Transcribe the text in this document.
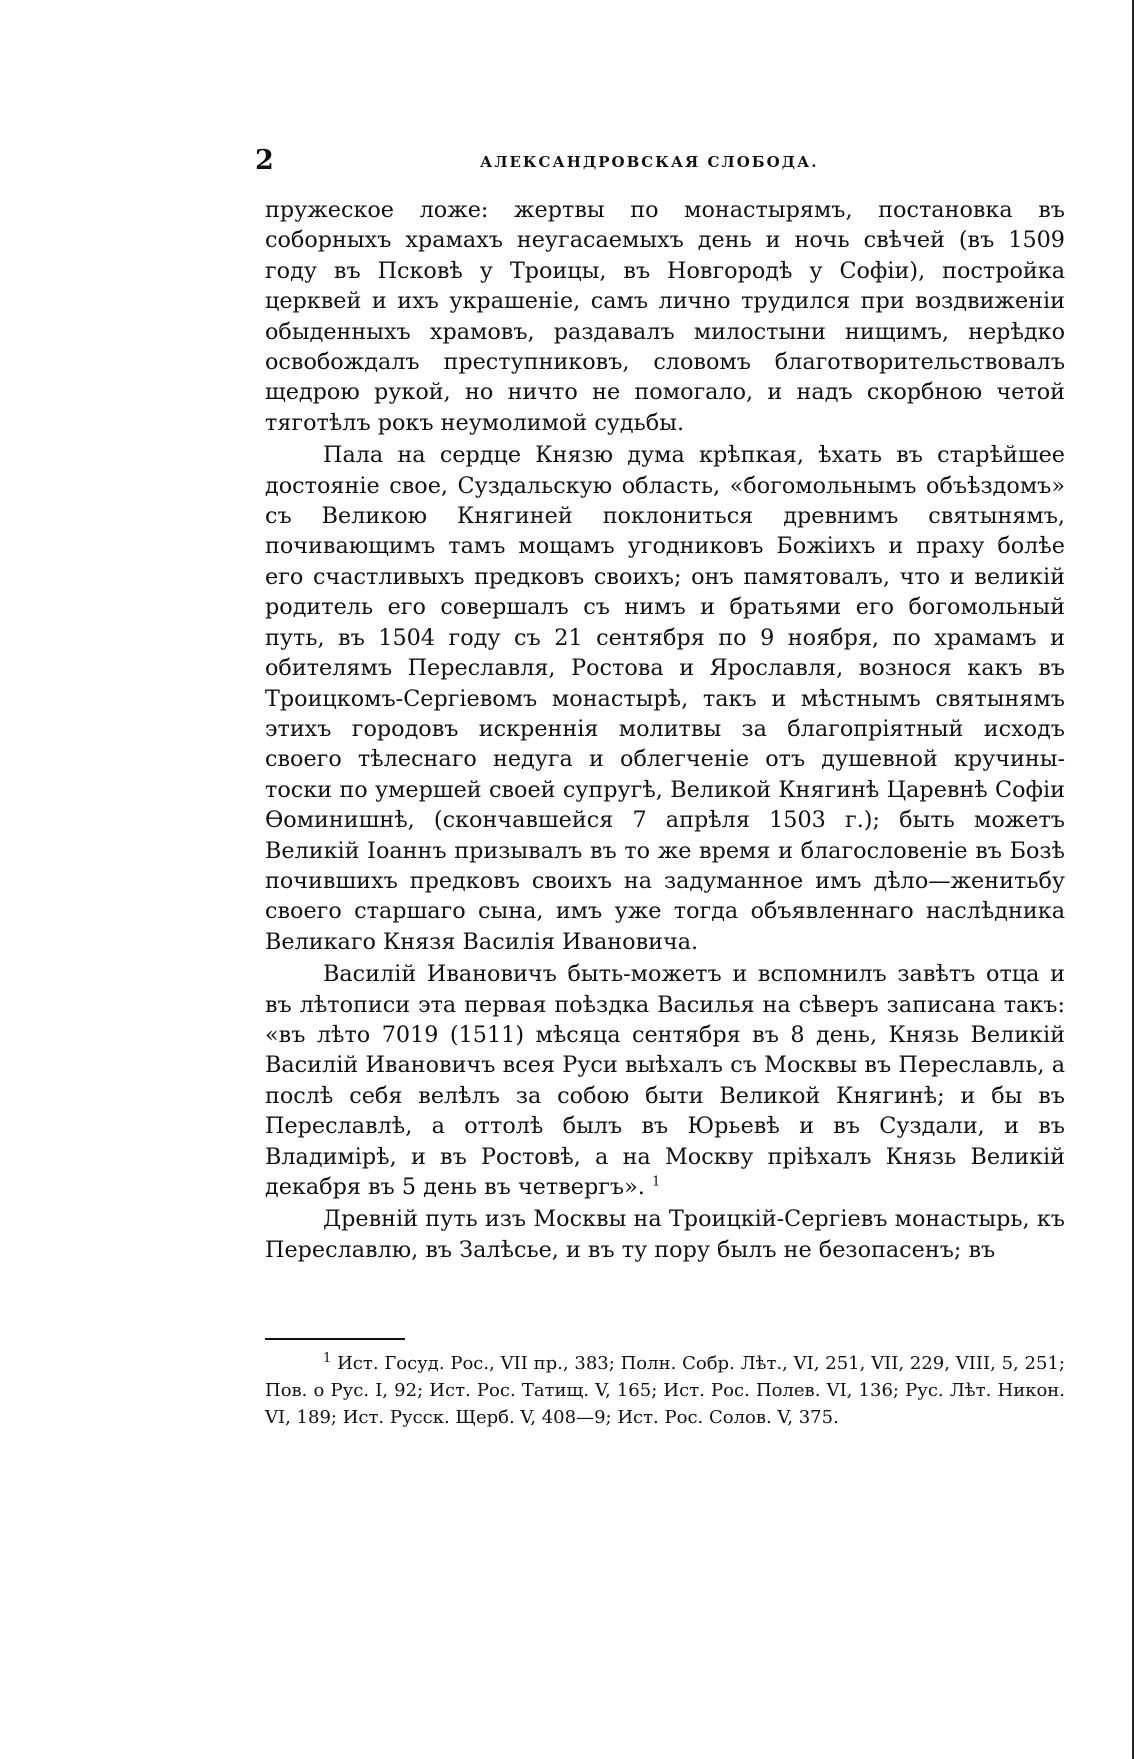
2	АЛЕКСАНДРОВСКАЯ СЛОБОДА.

пружеское ложе: жертвы по монастырямъ, постановка въ соборныхъ храмахъ неугасаемыхъ день и ночь свѣчей (въ 1509 году въ Псковѣ у Троицы, въ Новгородѣ у Софіи), постройка церквей и ихъ украшеніе, самъ лично трудился при воздвиженіи обыденныхъ храмовъ, раздавалъ милостыни нищимъ, нерѣдко освобождалъ преступниковъ, словомъ благотворительствовалъ щедрою рукой, но ничто не помогало, и надъ скорбною четой тяготѣлъ рокъ неумолимой судьбы.

Пала на сердце Князю дума крѣпкая, ѣхать въ старѣйшее достояніе свое, Суздальскую область, «богомольнымъ объѣздомъ» съ Великою Княгиней поклониться древнимъ святынямъ, почивающимъ тамъ мощамъ угодниковъ Божіихъ и праху болѣе его счастливыхъ предковъ своихъ; онъ памятовалъ, что и великій родитель его совершалъ съ нимъ и братьями его богомольный путь, въ 1504 году съ 21 сентября по 9 ноября, по храмамъ и обителямъ Переславля, Ростова и Ярославля, вознося какъ въ Троицкомъ-Сергіевомъ монастырѣ, такъ и мѣстнымъ святынямъ этихъ городовъ искреннія молитвы за благопріятный исходъ своего тѣлеснаго недуга и облегченіе отъ душевной кручины-тоски по умершей своей супругѣ, Великой Княгинѣ Царевнѣ Софіи Ѳоминишнѣ, (скончавшейся 7 апрѣля 1503 г.); быть можетъ Великій Іоаннъ призывалъ въ то же время и благословеніе въ Бозѣ почившихъ предковъ своихъ на задуманное имъ дѣло—женитьбу своего старшаго сына, имъ уже тогда объявленнаго наслѣдника Великаго Князя Василія Ивановича.

Василій Ивановичъ быть-можетъ и вспомнилъ завѣтъ отца и въ лѣтописи эта первая поѣздка Василья на сѣверъ записана такъ: «въ лѣто 7019 (1511) мѣсяца сентября въ 8 день, Князь Великій Василій Ивановичъ всея Руси выѣхалъ съ Москвы въ Переславль, а послѣ себя велѣлъ за собою быти Великой Княгинѣ; и бы въ Переславлѣ, а оттолѣ былъ въ Юрьевѣ и въ Суздали, и въ Владимірѣ, и въ Ростовѣ, а на Москву пріѣхалъ Князь Великій декабря въ 5 день въ четвергъ». $^1$

Древній путь изъ Москвы на Троицкій-Сергіевъ монастырь, къ Переславлю, въ Залѣсье, и въ ту пору былъ не безопасенъ; въ

$^1$ Ист. Госуд. Рос., VII пр., 383; Полн. Собр. Лѣт., VI, 251, VII, 229, VIII, 5, 251; Пов. о Рус. I, 92; Ист. Рос. Татищ. V, 165; Ист. Рос. Полев. VI, 136; Рус. Лѣт. Никон. VI, 189; Ист. Русск. Щерб. V, 408—9; Ист. Рос. Солов. V, 375.
